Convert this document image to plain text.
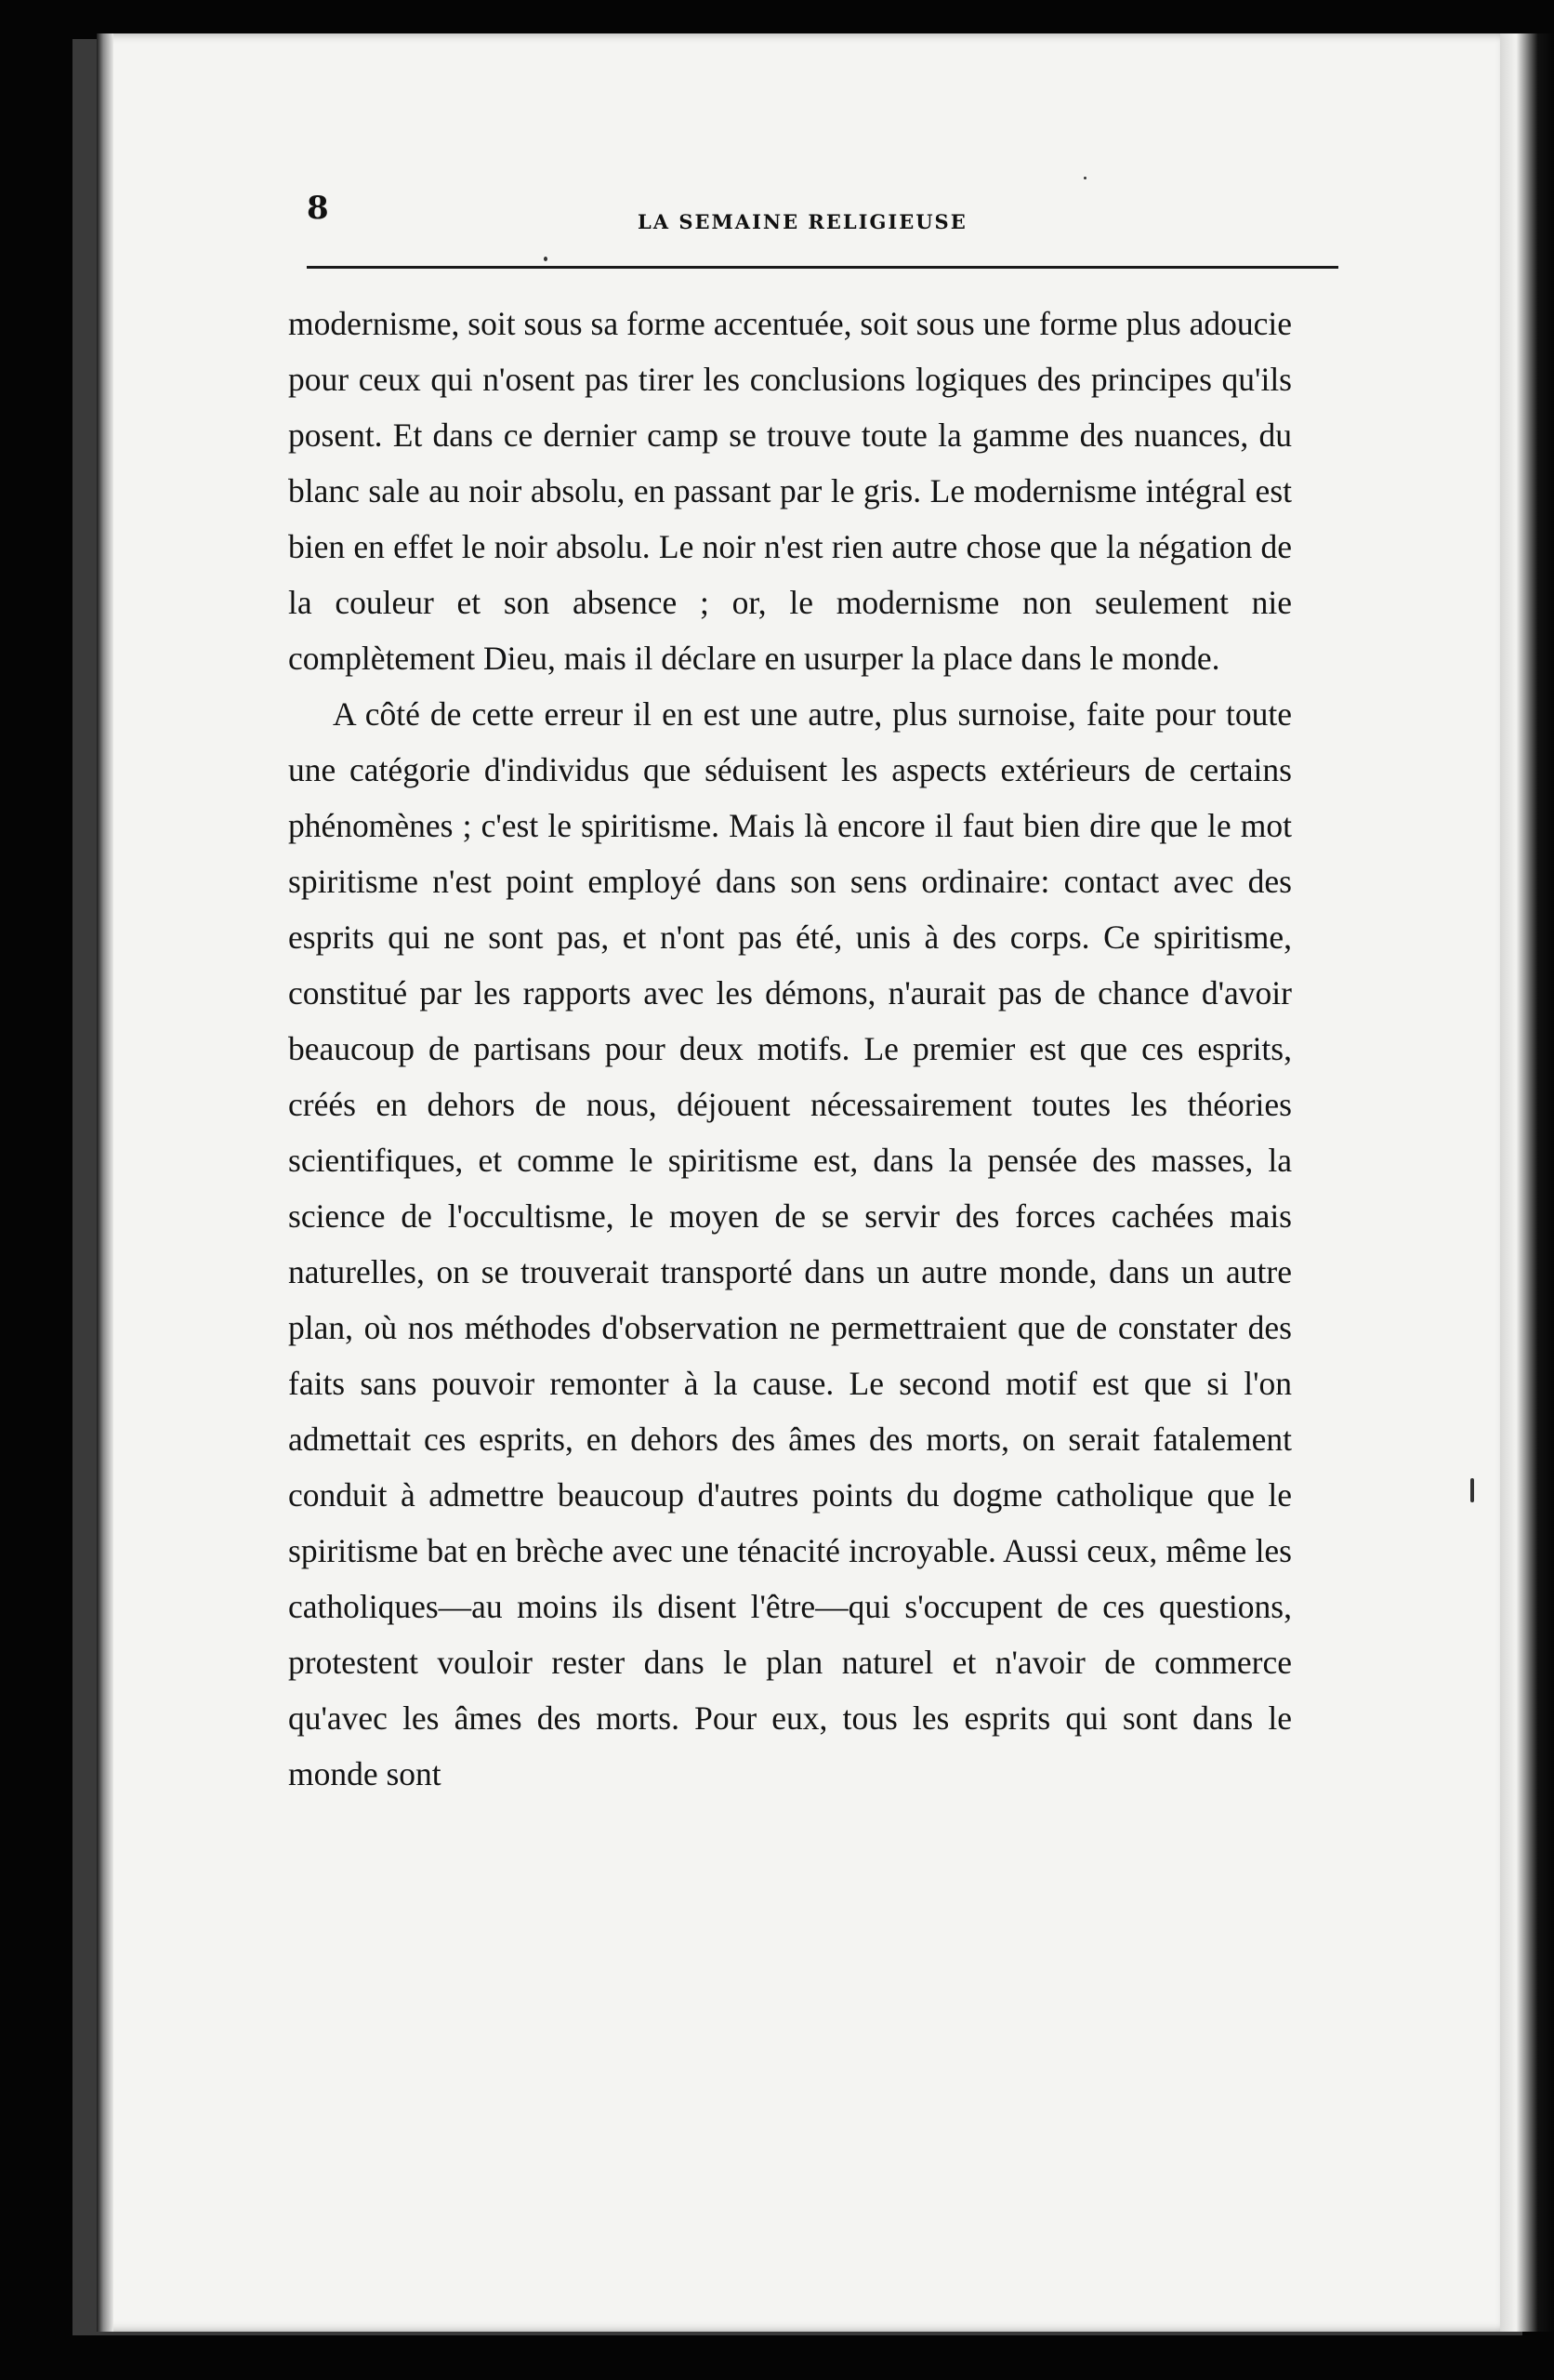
8	LA SEMAINE RELIGIEUSE

modernisme, soit sous sa forme accentuée, soit sous une forme plus adoucie pour ceux qui n'osent pas tirer les conclusions logiques des principes qu'ils posent. Et dans ce dernier camp se trouve toute la gamme des nuances, du blanc sale au noir absolu, en passant par le gris. Le modernisme intégral est bien en effet le noir absolu. Le noir n'est rien autre chose que la négation de la couleur et son absence ; or, le modernisme non seulement nie complètement Dieu, mais il déclare en usurper la place dans le monde.

A côté de cette erreur il en est une autre, plus surnoise, faite pour toute une catégorie d'individus que séduisent les aspects extérieurs de certains phénomènes ; c'est le spiritisme. Mais là encore il faut bien dire que le mot spiritisme n'est point employé dans son sens ordinaire: contact avec des esprits qui ne sont pas, et n'ont pas été, unis à des corps. Ce spiritisme, constitué par les rapports avec les démons, n'aurait pas de chance d'avoir beaucoup de partisans pour deux motifs. Le premier est que ces esprits, créés en dehors de nous, déjouent nécessairement toutes les théories scientifiques, et comme le spiritisme est, dans la pensée des masses, la science de l'occultisme, le moyen de se servir des forces cachées mais naturelles, on se trouverait transporté dans un autre monde, dans un autre plan, où nos méthodes d'observation ne permettraient que de constater des faits sans pouvoir remonter à la cause. Le second motif est que si l'on admettait ces esprits, en dehors des âmes des morts, on serait fatalement conduit à admettre beaucoup d'autres points du dogme catholique que le spiritisme bat en brèche avec une ténacité incroyable. Aussi ceux, même les catholiques—au moins ils disent l'être—qui s'occupent de ces questions, protestent vouloir rester dans le plan naturel et n'avoir de commerce qu'avec les âmes des morts. Pour eux, tous les esprits qui sont dans le monde sont
